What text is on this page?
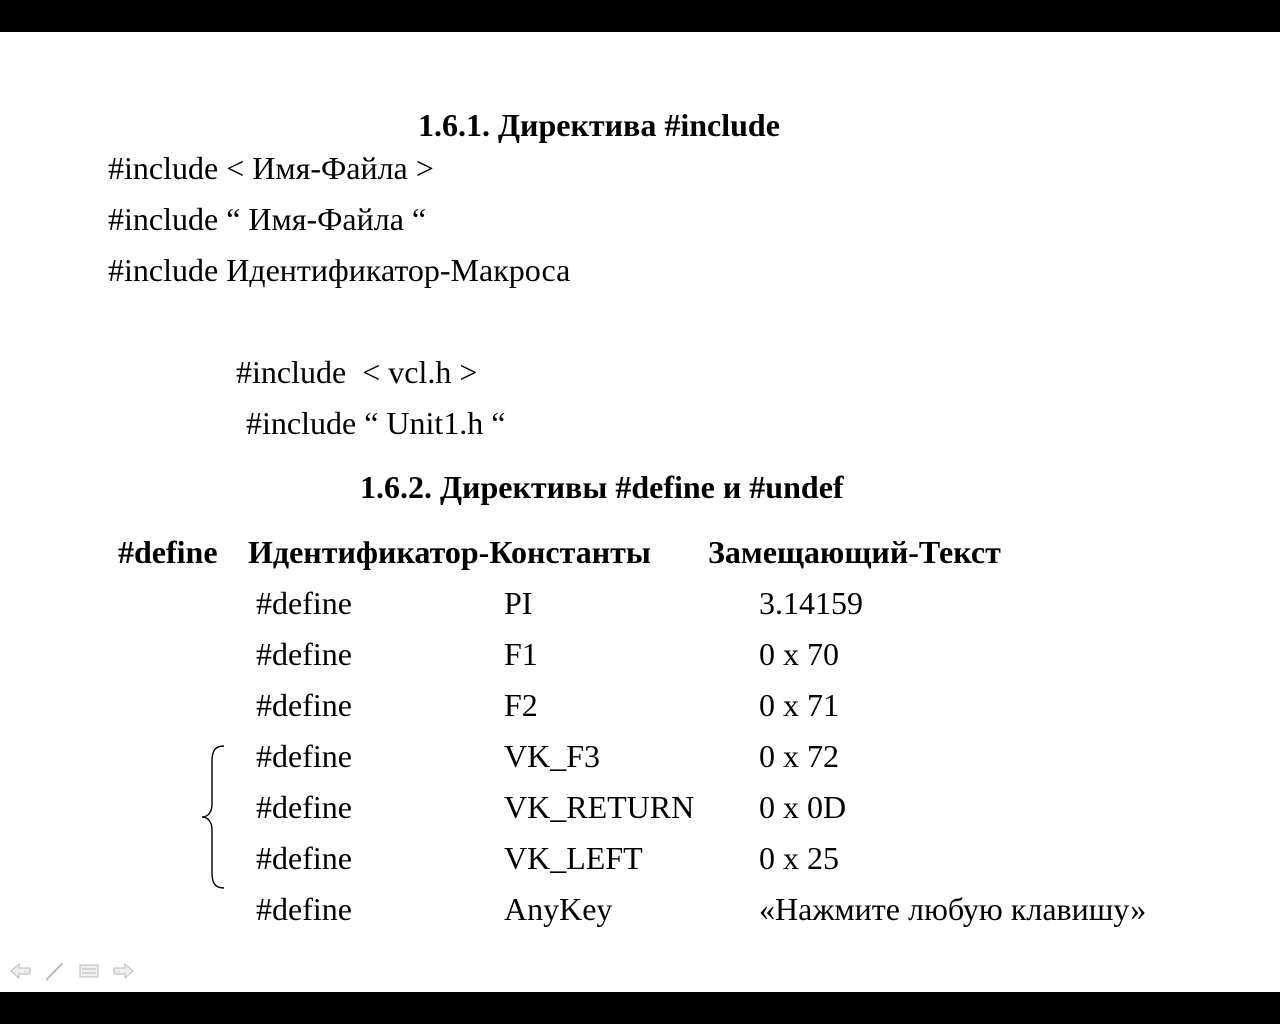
1.6.1. Директива #include
#include < Имя-Файла >
#include “ Имя-Файла “
#include Идентификатор-Макроса
#include  < vcl.h >
#include “ Unit1.h “
1.6.2. Директивы #define и #undef
#define Идентификатор-Константы Замещающий-Текст
#define	PI	3.14159
#define	F1	0 x 70
#define	F2	0 x 71
#define	VK_F3	0 x 72
#define	VK_RETURN 0 x 0D
#define	VK_LEFT	0 x 25
#define	AnyKey	«Нажмите любую клавишу»
